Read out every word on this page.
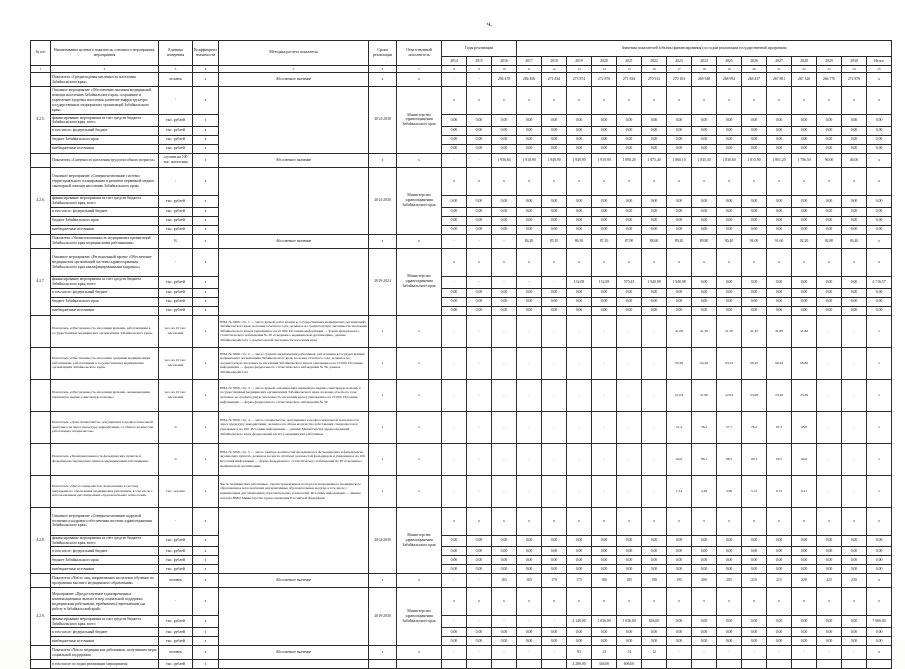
ч.
№ п/п	Наименование целевого показателя, основного мероприятия, мероприятия	Единица измерения	Коэффициент значимости	Методика расчета показателя	Сроки реализации	Ответственный исполнитель	Годы реализации			Значения показателей (объемы финансирования) по годам реализации государственной программы														
							2014	2015	2016	2017	2018	2019	2020	2021	2022	2023	2024	2025	2026	2027	2028	2029	2030	Итого
1	2	3	4	5	6	7	8	9	10	11	12	13	14	15	16	17	18	19	20	21	22	23	24	25
	Показатель «Среднегодовая численность населения Забайкальского края»	человек	х	Абсолютное значение	х	х	-	-	294 478	284 456	271 834	273 874	272 876	271 834	270 912	270 103	269 548	268 992	268 437	267 881	267 326	266 770	272 876	х
4.2.5.	Основное мероприятие «Обеспечение оказания медицинской помощи населению Забайкальского края, сохранение и укрепление здоровья населения, развитие инфраструктуры государственных медицинских организаций Забайкальского края»	-	х		2014-2030	Министерство здравоохранения Забайкальского края	х	х	х	х	х	х	х	х	х	х	х	х	х	х	х	х	х	х
	финансирование мероприятия за счет средств бюджета Забайкальского края, всего	тыс. рублей	х				0,00	0,00	0,00	0,00	0,00	0,00	0,00	0,00	0,00	0,00	0,00	0,00	0,00	0,00	0,00	0,00	0,00	0,00
	в том числе: федеральный бюджет	тыс. рублей	х				0,00	0,00	0,00	0,00	0,00	0,00	0,00	0,00	0,00	0,00	0,00	0,00	0,00	0,00	0,00	0,00	0,00	0,00
	бюджет Забайкальского края	тыс. рублей	х				0,00	0,00	0,00	0,00	0,00	0,00	0,00	0,00	0,00	0,00	0,00	0,00	0,00	0,00	0,00	0,00	0,00	0,00
	внебюджетные источники	тыс. рублей	х				0,00	0,00	0,00	0,00	0,00	0,00	0,00	0,00	0,00	0,00	0,00	0,00	0,00	0,00	0,00	0,00	0,00	0,00
	Показатель «Смертность населения трудоспособного возраста»	случаев на 100 тыс. населения	х	Абсолютное значение	х	х	-	-	1 936,84	1 910,90	1 949,90	1 949,90	1 910,90	1 890,20	1 875,40	1 860,10	1 845,30	1 830,60	1 815,90	1 801,20	1 786,50	96,00	46,00	х
4.2.6.	Основное мероприятие «Совершенствование системы территориального планирования и развитие первичной медико-санитарной помощи населению Забайкальского края»	-	х		2014-2030	Министерство здравоохранения Забайкальского края	х	х	х	х	х	х	х	х	х	х	х	х	х	х	х	х	х	х
	финансирование мероприятия за счет средств бюджета Забайкальского края, всего	тыс. рублей	х				0,00	0,00	0,00	0,00	0,00	0,00	0,00	0,00	0,00	0,00	0,00	0,00	0,00	0,00	0,00	0,00	0,00	0,00
	в том числе: федеральный бюджет	тыс. рублей	х				0,00	0,00	0,00	0,00	0,00	0,00	0,00	0,00	0,00	0,00	0,00	0,00	0,00	0,00	0,00	0,00	0,00	0,00
	бюджет Забайкальского края	тыс. рублей	х				0,00	0,00	0,00	0,00	0,00	0,00	0,00	0,00	0,00	0,00	0,00	0,00	0,00	0,00	0,00	0,00	0,00	0,00
	внебюджетные источники	тыс. рублей	х				0,00	0,00	0,00	0,00	0,00	0,00	0,00	0,00	0,00	0,00	0,00	0,00	0,00	0,00	0,00	0,00	0,00	0,00
	Показатель «Укомплектованность медицинских организаций Забайкальского края медицинскими работниками»	%	х	Абсолютное значение	х	х	-	-	-	84,20	85,10	86,30	87,10	87,90	88,60	89,20	89,80	90,40	91,00	91,60	92,20	92,80	93,40	х
4.2.7.	Основное мероприятие «Региональный проект «Обеспечение медицинских организаций системы здравоохранения Забайкальского края квалифицированными кадрами»»	-	х		2019-2024	Министерство здравоохранения Забайкальского края	х	х	х	х	х	х	х	х	х	х	х	х	х	х	х	х	х	х
	финансирование мероприятия за счет средств бюджета Забайкальского края, всего	тыс. рублей	х				-	-	-	-	-	132,08	132,08	570,45	1 940,98	1 940,98	0,00	0,00	0,00	0,00	0,00	0,00	0,00	4 716,57
	в том числе: федеральный бюджет	тыс. рублей	х				0,00	0,00	0,00	0,00	0,00	0,00	0,00	0,00	0,00	0,00	0,00	0,00	0,00	0,00	0,00	0,00	0,00	0,00
	бюджет Забайкальского края	тыс. рублей	х				0,00	0,00	0,00	0,00	0,00	0,00	0,00	0,00	0,00	0,00	0,00	0,00	0,00	0,00	0,00	0,00	0,00	0,00
	внебюджетные источники	тыс. рублей	х				0,00	0,00	0,00	0,00	0,00	0,00	0,00	0,00	0,00	0,00	0,00	0,00	0,00	0,00	0,00	0,00	0,00	0,00
	Показатель «Обеспеченность населения врачами, работающими в государственных медицинских организациях Забайкальского края»	чел. на 10 тыс. населения	х	НПА № 5069, стр. 1 — число врачей, работающих в государственных медицинских организациях Забайкальского края, на конец отчетного года, деленное на среднегодовую численность населения Забайкальского края и умноженное на 10 000. Источник информации — форма федерального статистического наблюдения № 30 «Сведения о медицинской организации», данные Забайкалкрайстата о среднегодовой численности населения края	х	х	-	-	-	-	-	-	-	-	-	41,08	41,36	41,50	41,45	41,86	41,86	-	-	х
	Показатель «Обеспеченность населения средними медицинскими работниками, работающими в государственных медицинских организациях Забайкальского края»	чел. на 10 тыс. населения	х	НПА № 5069, стр. 2 — число средних медицинских работников, работающих в государственных медицинских организациях Забайкальского края, на конец отчетного года, деленное на среднегодовую численность населения Забайкальского края и умноженное на 10 000. Источник информации — форма федерального статистического наблюдения № 30, данные Забайкалкрайстата	х	х	-	-	-	-	-	-	-	-	-	93,28	94,46	94,52	96,45	96,29	96,86	-	-	х
	Показатель «Обеспеченность населения врачами, оказывающими первичную медико-санитарную помощь»	чел. на 10 тыс. населения	х	НПА № 5069, стр. 3 — число врачей, оказывающих первичную медико-санитарную помощь в государственных медицинских организациях Забайкальского края, на конец отчетного года, деленное на среднегодовую численность населения края и умноженное на 10 000. Источник информации — форма федерального статистического наблюдения № 30	х	х	-	-	-	-	-	-	-	-	-	21,04	21,90	22,64	23,08	23,28	23,28	-	-	х
	Показатель «Доля специалистов, допущенных к профессиональной деятельности через процедуру аккредитации, от общего количества работающих специалистов»	%	х	НПА № 5069, стр. 4 — число специалистов, допущенных к профессиональной деятельности через процедуру аккредитации, деленное на общее количество работающих специалистов и умноженное на 100. Источник информации — данные Министерства здравоохранения Забайкальского края, федеральный регистр медицинских работников	х	х	-	-	-	-	-	-	-	-	-	21,4	38,2	57,7	78,2	87,3	95,0	-	-	х
	Показатель «Укомплектованность фельдшерских пунктов и фельдшерско-акушерских пунктов медицинскими работниками»	%	х	НПА № 5069, стр. 5 — число занятых должностей фельдшеров в фельдшерских и фельдшерско-акушерских пунктах, деленное на число штатных должностей фельдшеров и умноженное на 100. Источник информации — форма федерального статистического наблюдения № 30 «Сведения о медицинской организации»	х	х	-	-	-	-	-	-	-	-	-	84,6	86,1	88,2	90,3	92,5	94,8	-	-	х
	Показатель «Число специалистов, вовлеченных в систему непрерывного образования медицинских работников, в том числе с использованием дистанционных образовательных технологий»	тыс. человек	х	Число медицинских работников, зарегистрированных на портале непрерывного медицинского образования и использующих интерактивные образовательные модули, в том числе с применением дистанционных образовательных технологий. Источник информации — данные портала НМО Министерства здравоохранения Российской Федерации	х	х	-	-	-	-	-	-	-	-	-	1,34	2,26	3,98	5,12	6,72	8,41	-	-	х
4.2.8.	Основное мероприятие «Совершенствование кадровой политики и кадрового обеспечения системы здравоохранения Забайкальского края»	-	х		2014-2030	Министерство здравоохранения Забайкальского края	х	х	х	х	х	х	х	х	х	х	х	х	х	х	х	х	х	х
	финансирование мероприятия за счет средств бюджета Забайкальского края, всего	тыс. рублей	х				0,00	0,00	0,00	0,00	0,00	0,00	0,00	0,00	0,00	0,00	0,00	0,00	0,00	0,00	0,00	0,00	0,00	0,00
	в том числе: федеральный бюджет	тыс. рублей	х				0,00	0,00	0,00	0,00	0,00	0,00	0,00	0,00	0,00	0,00	0,00	0,00	0,00	0,00	0,00	0,00	0,00	0,00
	бюджет Забайкальского края	тыс. рублей	х				0,00	0,00	0,00	0,00	0,00	0,00	0,00	0,00	0,00	0,00	0,00	0,00	0,00	0,00	0,00	0,00	0,00	0,00
	внебюджетные источники	тыс. рублей	х				0,00	0,00	0,00	0,00	0,00	0,00	0,00	0,00	0,00	0,00	0,00	0,00	0,00	0,00	0,00	0,00	0,00	0,00
	Показатель «Число лиц, направленных на целевое обучение по программам высшего медицинского образования»	человек	х	Абсолютное значение	х	х	-	-	165	165	170	175	180	185	190	195	200	205	210	215	220	225	230	х
4.2.9.	Мероприятие «Предоставление единовременных компенсационных выплат и мер социальной поддержки медицинским работникам, прибывшим (переехавшим) на работу в Забайкальский край»	-	х		2019-2030	Министерство здравоохранения Забайкальского края	х	х	х	х	х	х	х	х	х	х	х	х	х	х	х	х	х	х
	финансирование мероприятия за счет средств бюджета Забайкальского края, всего	тыс. рублей	х				-	-	-	-	-	4 148,00	1 036,00	1 036,00	846,00	0,00	0,00	0,00	0,00	0,00	0,00	0,00	0,00	7 066,00
	в том числе: федеральный бюджет	тыс. рублей	х				0,00	0,00	0,00	0,00	0,00	0,00	0,00	0,00	0,00	0,00	0,00	0,00	0,00	0,00	0,00	0,00	0,00	0,00
	внебюджетные источники	тыс. рублей	х				0,00	0,00	0,00	0,00	0,00	0,00	0,00	0,00	0,00	0,00	0,00	0,00	0,00	0,00	0,00	0,00	0,00	0,00
	Показатель «Число медицинских работников, получивших меры социальной поддержки»	человек	х	Абсолютное значение	х	х	-	-	-	-	-	83	14	14	12	-	-	-	-	-	-	-	-	х
	в том числе по годам реализации мероприятия	тыс. рублей	х									2 286,00	346,00	696,00										
